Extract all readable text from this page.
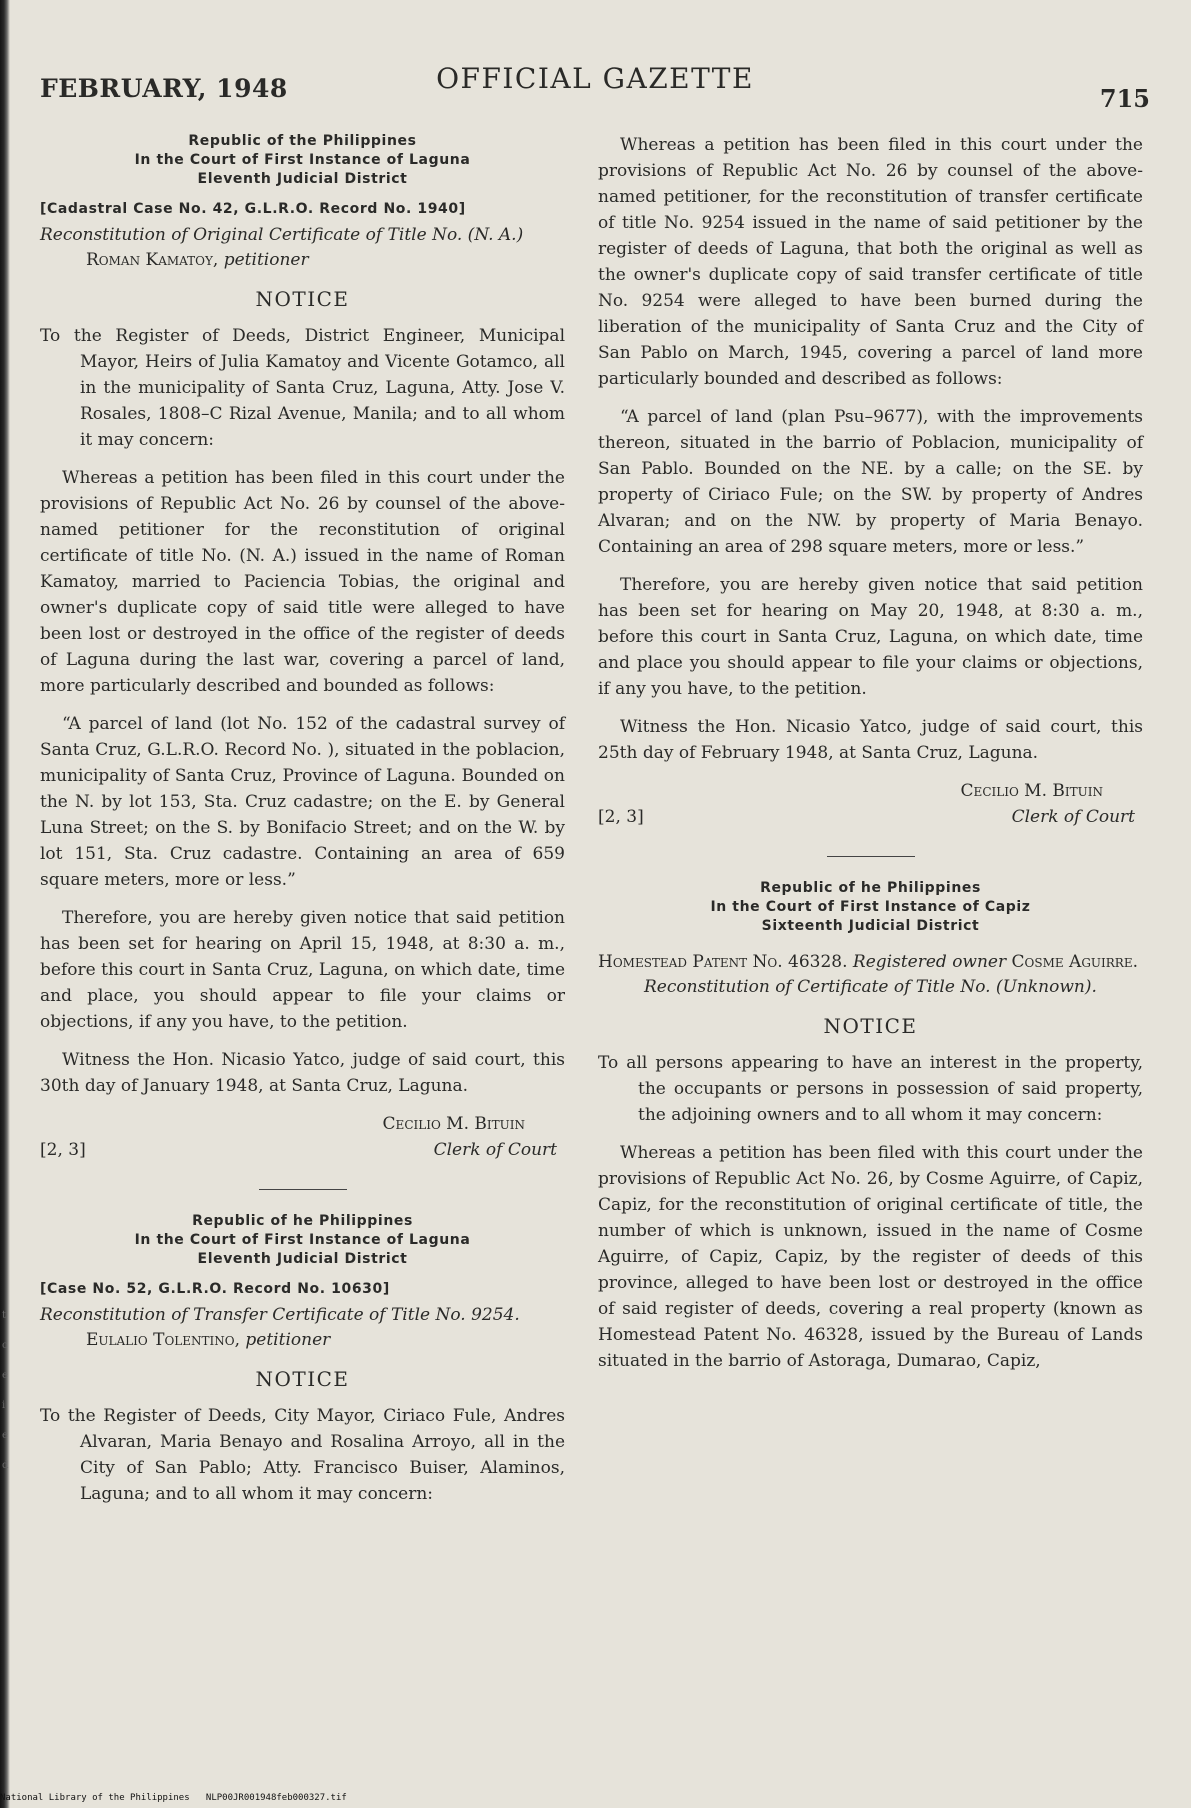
FEBRUARY, 1948	OFFICIAL GAZETTE
715
Republic of the Philippines
In the Court of First Instance of Laguna
Eleventh Judicial District
[Cadastral Case No. 42, G.L.R.O. Record No. 1940]
Reconstitution of Original Certificate of Title No. (N. A.) Roman Kamatoy, petitioner
NOTICE

To the Register of Deeds, District Engineer, Municipal Mayor, Heirs of Julia Kamatoy and Vicente Gotamco, all in the municipality of Santa Cruz, Laguna, Atty. Jose V. Rosales, 1808–C Rizal Avenue, Manila; and to all whom it may concern:

Whereas a petition has been filed in this court under the provisions of Republic Act No. 26 by counsel of the above-named petitioner for the reconstitution of original certificate of title No. (N. A.) issued in the name of Roman Kamatoy, married to Paciencia Tobias, the original and owner's duplicate copy of said title were alleged to have been lost or destroyed in the office of the register of deeds of Laguna during the last war, covering a parcel of land, more particularly described and bounded as follows:

“A parcel of land (lot No. 152 of the cadastral survey of Santa Cruz, G.L.R.O. Record No. ), situated in the poblacion, municipality of Santa Cruz, Province of Laguna. Bounded on the N. by lot 153, Sta. Cruz cadastre; on the E. by General Luna Street; on the S. by Bonifacio Street; and on the W. by lot 151, Sta. Cruz cadastre. Containing an area of 659 square meters, more or less.”

Therefore, you are hereby given notice that said petition has been set for hearing on April 15, 1948, at 8:30 a. m., before this court in Santa Cruz, Laguna, on which date, time and place, you should appear to file your claims or objections, if any you have, to the petition.

Witness the Hon. Nicasio Yatco, judge of said court, this 30th day of January 1948, at Santa Cruz, Laguna.

[2, 3]
Cecilio M. Bituin
Clerk of Court
Republic of he Philippines
In the Court of First Instance of Laguna
Eleventh Judicial District
[Case No. 52, G.L.R.O. Record No. 10630]
Reconstitution of Transfer Certificate of Title No. 9254. Eulalio Tolentino, petitioner
NOTICE

To the Register of Deeds, City Mayor, Ciriaco Fule, Andres Alvaran, Maria Benayo and Rosalina Arroyo, all in the City of San Pablo; Atty. Francisco Buiser, Alaminos, Laguna; and to all whom it may concern:

Whereas a petition has been filed in this court under the provisions of Republic Act No. 26 by counsel of the above-named petitioner, for the reconstitution of transfer certificate of title No. 9254 issued in the name of said petitioner by the register of deeds of Laguna, that both the original as well as the owner's duplicate copy of said transfer certificate of title No. 9254 were alleged to have been burned during the liberation of the municipality of Santa Cruz and the City of San Pablo on March, 1945, covering a parcel of land more particularly bounded and described as follows:

“A parcel of land (plan Psu–9677), with the improvements thereon, situated in the barrio of Poblacion, municipality of San Pablo. Bounded on the NE. by a calle; on the SE. by property of Ciriaco Fule; on the SW. by property of Andres Alvaran; and on the NW. by property of Maria Benayo. Containing an area of 298 square meters, more or less.”

Therefore, you are hereby given notice that said petition has been set for hearing on May 20, 1948, at 8:30 a. m., before this court in Santa Cruz, Laguna, on which date, time and place you should appear to file your claims or objections, if any you have, to the petition.

Witness the Hon. Nicasio Yatco, judge of said court, this 25th day of February 1948, at Santa Cruz, Laguna.

[2, 3]
Cecilio M. Bituin
Clerk of Court
Republic of he Philippines
In the Court of First Instance of Capiz
Sixteenth Judicial District
Homestead Patent No. 46328. Registered owner Cosme Aguirre. Reconstitution of Certificate of Title No. (Unknown).
NOTICE

To all persons appearing to have an interest in the property, the occupants or persons in possession of said property, the adjoining owners and to all whom it may concern:

Whereas a petition has been filed with this court under the provisions of Republic Act No. 26, by Cosme Aguirre, of Capiz, Capiz, for the reconstitution of original certificate of title, the number of which is unknown, issued in the name of Cosme Aguirre, of Capiz, Capiz, by the register of deeds of this province, alleged to have been lost or destroyed in the office of said register of deeds, covering a real property (known as Homestead Patent No. 46328, issued by the Bureau of Lands situated in the barrio of Astoraga, Dumarao, Capiz,

t
c
e
i
e
d
National Library of the Philippines NLP00JR001948feb000327.tif
